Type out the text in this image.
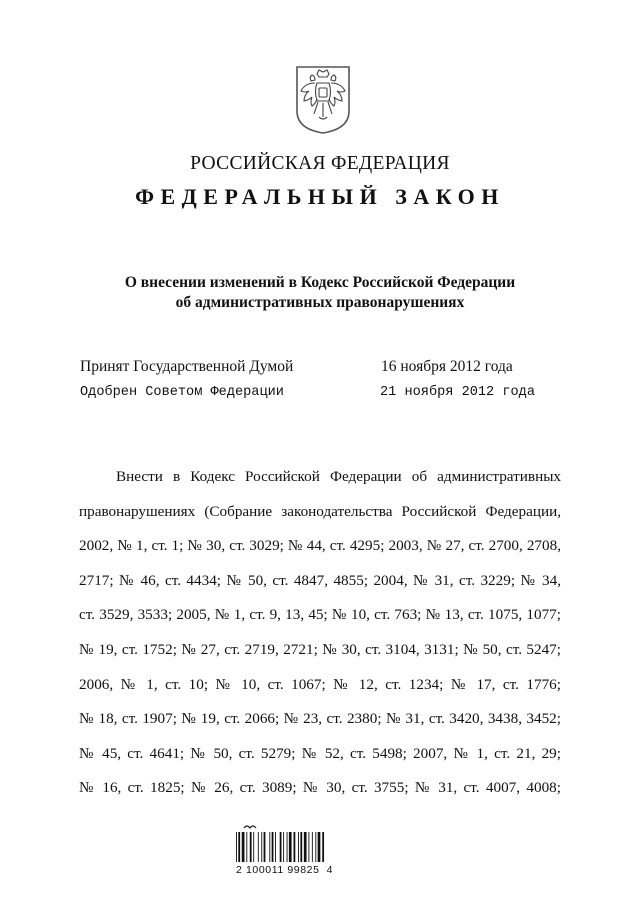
РОССИЙСКАЯ ФЕДЕРАЦИЯ
ФЕДЕРАЛЬНЫЙ ЗАКОН
О внесении изменений в Кодекс Российской Федерации
об административных правонарушениях
Принят Государственной Думой	16 ноября 2012 года
Одобрен Советом Федерации	21 ноября 2012 года
Внести в Кодекс Российской Федерации об административных
правонарушениях (Собрание законодательства Российской Федерации,
2002, № 1, ст. 1; № 30, ст. 3029; № 44, ст. 4295; 2003, № 27, ст. 2700, 2708,
2717; № 46, ст. 4434; № 50, ст. 4847, 4855; 2004, № 31, ст. 3229; № 34,
ст. 3529, 3533; 2005, № 1, ст. 9, 13, 45; № 10, ст. 763; № 13, ст. 1075, 1077;
№ 19, ст. 1752; № 27, ст. 2719, 2721; № 30, ст. 3104, 3131; № 50, ст. 5247;
2006, № 1, ст. 10; № 10, ст. 1067; № 12, ст. 1234; № 17, ст. 1776;
№ 18, ст. 1907; № 19, ст. 2066; № 23, ст. 2380; № 31, ст. 3420, 3438, 3452;
№ 45, ст. 4641; № 50, ст. 5279; № 52, ст. 5498; 2007, № 1, ст. 21, 29;
№ 16, ст. 1825; № 26, ст. 3089; № 30, ст. 3755; № 31, ст. 4007, 4008;
2 100011 99825  4
